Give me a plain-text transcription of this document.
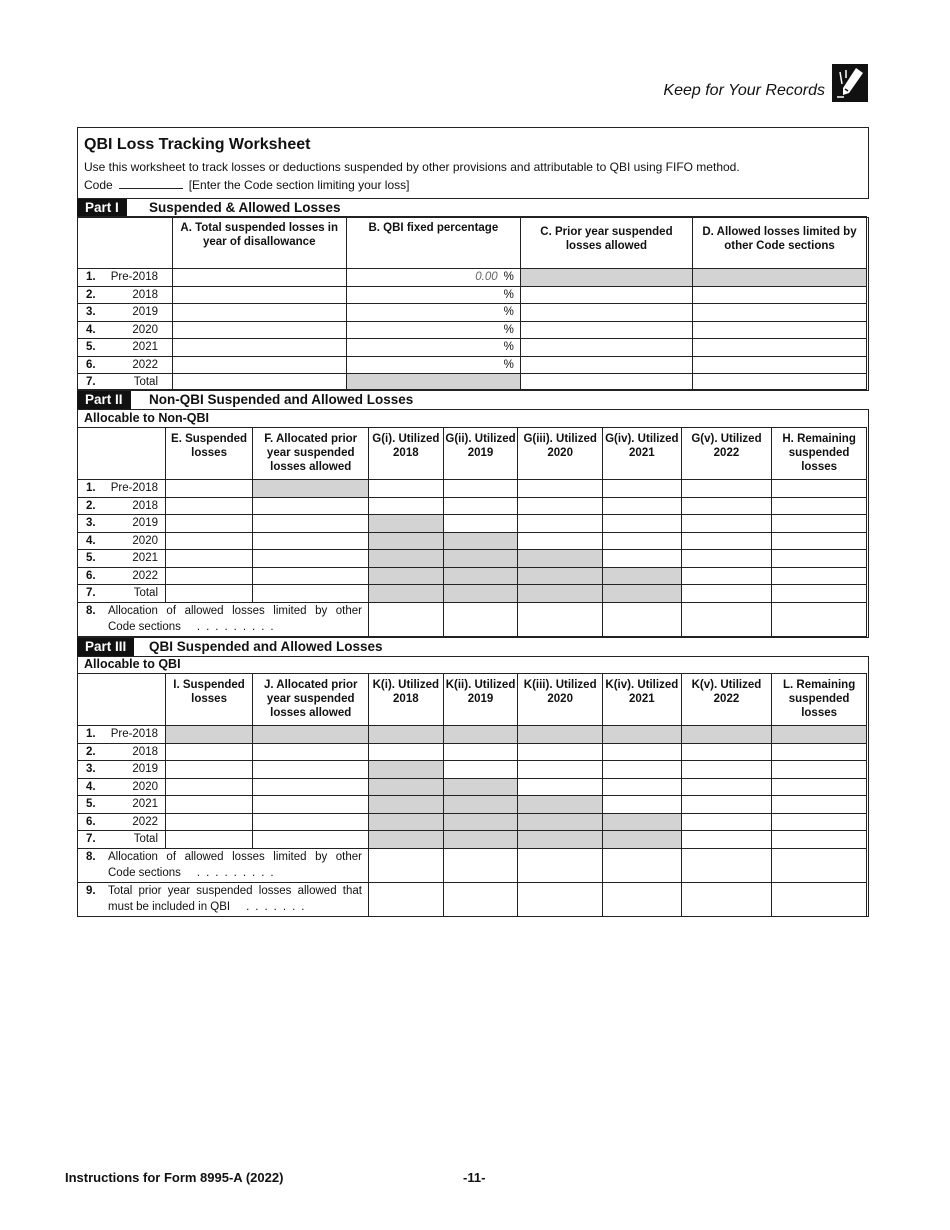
Keep for Your Records
QBI Loss Tracking Worksheet
Use this worksheet to track losses or deductions suspended by other provisions and attributable to QBI using FIFO method.
Code	[Enter the Code section limiting your loss]
Part I	Suspended & Allowed Losses
	A. Total suspended losses in year of disallowance	B. QBI fixed percentage	C. Prior year suspended losses allowed	D. Allowed losses limited by other Code sections
1. Pre-2018		0.00 %		
2. 2018		%		
3. 2019		%		
4. 2020		%		
5. 2021		%		
6. 2022		%		
7. Total				
Part II	Non-QBI Suspended and Allowed Losses
Allocable to Non-QBI
	E. Suspended losses	F. Allocated prior year suspended losses allowed	G(i). Utilized 2018	G(ii). Utilized 2019	G(iii). Utilized 2020	G(iv). Utilized 2021	G(v). Utilized 2022	H. Remaining suspended losses
1. Pre-2018								
2. 2018								
3. 2019								
4. 2020								
5. 2021								
6. 2022								
7. Total								

8. Allocation of allowed losses limited by other
Code sections .........								

Part III	QBI Suspended and Allowed Losses
Allocable to QBI
	I. Suspended losses	J. Allocated prior year suspended losses allowed	K(i). Utilized 2018	K(ii). Utilized 2019	K(iii). Utilized 2020	K(iv). Utilized 2021	K(v). Utilized 2022	L. Remaining suspended losses
1. Pre-2018								
2. 2018								
3. 2019								
4. 2020								
5. 2021								
6. 2022								
7. Total								

8. Allocation of allowed losses limited by other
Code sections .........								

9. Total prior year suspended losses allowed that
must be included in QBI .......								

Instructions for Form 8995-A (2022)	-11-
